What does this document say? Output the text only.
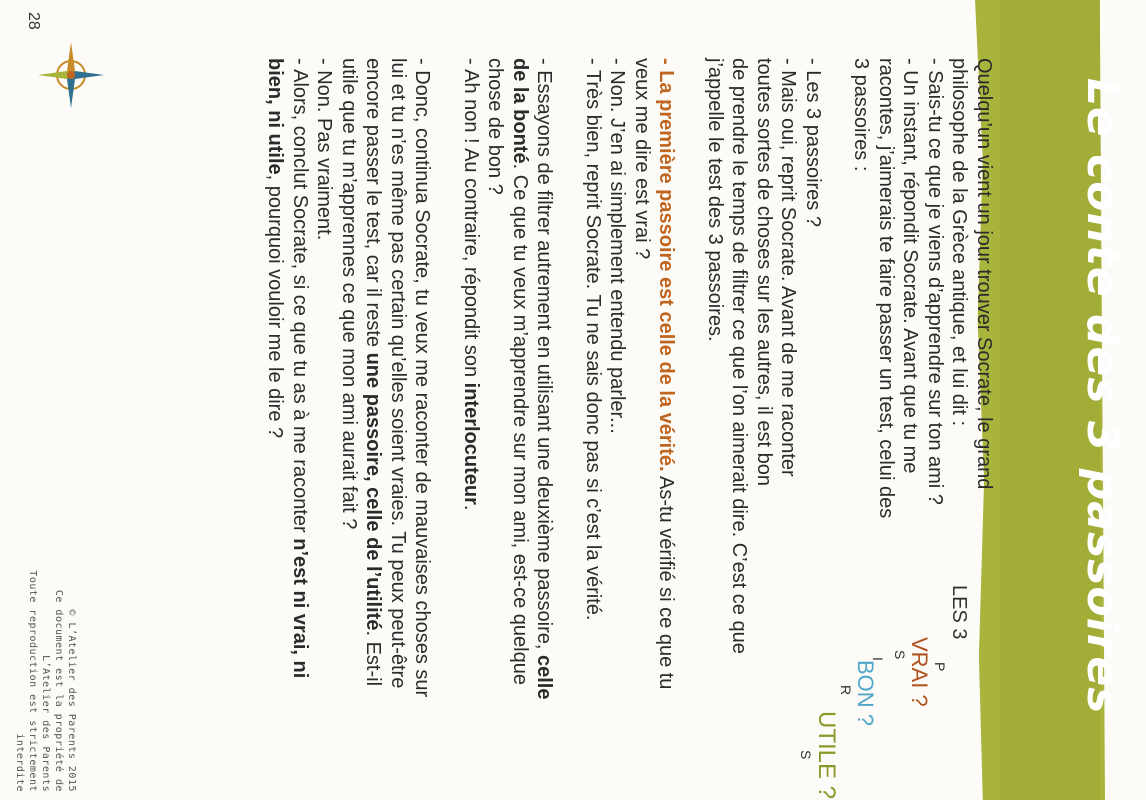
Le conte des 3 passoires
LES 3
P
VRAI ?
S
I
BON ?
R
UTILE ?
S
Quelqu’un vient un jour trouver Socrate, le grand
philosophe de la Grèce antique, et lui dit :
- Sais-tu ce que je viens d’apprendre sur ton ami ?
- Un instant, répondit Socrate. Avant que tu me
racontes, j’aimerais te faire passer un test, celui des
3 passoires :
- Les 3 passoires ?
- Mais oui, reprit Socrate. Avant de me raconter
toutes sortes de choses sur les autres, il est bon
de prendre le temps de filtrer ce que l’on aimerait dire. C’est ce que
j’appelle le test des 3 passoires.
- La première passoire est celle de la vérité. As-tu vérifié si ce que tu
veux me dire est vrai ?
- Non. J’en ai simplement entendu parler...
- Très bien, reprit Socrate. Tu ne sais donc pas si c’est la vérité.
- Essayons de filtrer autrement en utilisant une deuxième passoire, celle
de la bonté. Ce que tu veux m’apprendre sur mon ami, est-ce quelque
chose de bon ?
- Ah non ! Au contraire, répondit son interlocuteur.
- Donc, continua Socrate, tu veux me raconter de mauvaises choses sur
lui et tu n’es même pas certain qu’elles soient vraies. Tu peux peut-être
encore passer le test, car il reste une passoire, celle de l’utilité. Est-il
utile que tu m’apprennes ce que mon ami aurait fait ?
- Non. Pas vraiment.
- Alors, conclut Socrate, si ce que tu as à me raconter n’est ni vrai, ni
bien, ni utile, pourquoi vouloir me le dire ?
28
© L’Atelier des Parents 2015
Ce document est la propriété de L’Atelier des Parents
Toute reproduction est strictement interdite
